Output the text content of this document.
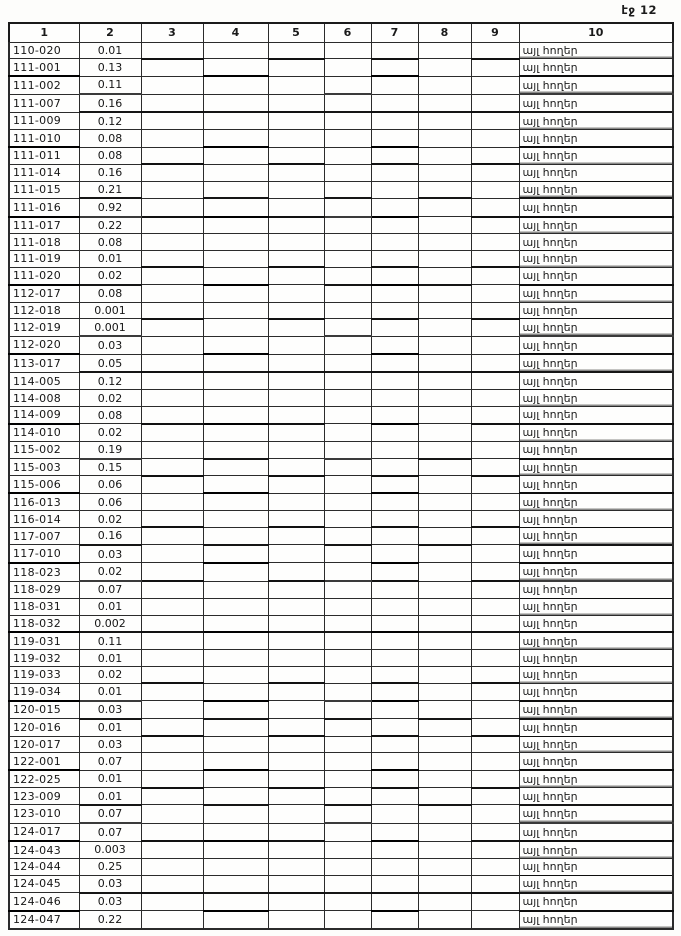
էջ 12
1	2	3	4	5	6	7	8	9	10
110-020	0.01								այլ հողեր
111-001	0.13								այլ հողեր
111-002	0.11								այլ հողեր
111-007	0.16								այլ հողեր
111-009	0.12								այլ հողեր
111-010	0.08								այլ հողեր
111-011	0.08								այլ հողեր
111-014	0.16								այլ հողեր
111-015	0.21								այլ հողեր
111-016	0.92								այլ հողեր
111-017	0.22								այլ հողեր
111-018	0.08								այլ հողեր
111-019	0.01								այլ հողեր
111-020	0.02								այլ հողեր
112-017	0.08								այլ հողեր
112-018	0.001								այլ հողեր
112-019	0.001								այլ հողեր
112-020	0.03								այլ հողեր
113-017	0.05								այլ հողեր
114-005	0.12								այլ հողեր
114-008	0.02								այլ հողեր
114-009	0.08								այլ հողեր
114-010	0.02								այլ հողեր
115-002	0.19								այլ հողեր
115-003	0.15								այլ հողեր
115-006	0.06								այլ հողեր
116-013	0.06								այլ հողեր
116-014	0.02								այլ հողեր
117-007	0.16								այլ հողեր
117-010	0.03								այլ հողեր
118-023	0.02								այլ հողեր
118-029	0.07								այլ հողեր
118-031	0.01								այլ հողեր
118-032	0.002								այլ հողեր
119-031	0.11								այլ հողեր
119-032	0.01								այլ հողեր
119-033	0.02								այլ հողեր
119-034	0.01								այլ հողեր
120-015	0.03								այլ հողեր
120-016	0.01								այլ հողեր
120-017	0.03								այլ հողեր
122-001	0.07								այլ հողեր
122-025	0.01								այլ հողեր
123-009	0.01								այլ հողեր
123-010	0.07								այլ հողեր
124-017	0.07								այլ հողեր
124-043	0.003								այլ հողեր
124-044	0.25								այլ հողեր
124-045	0.03								այլ հողեր
124-046	0.03								այլ հողեր
124-047	0.22								այլ հողեր
